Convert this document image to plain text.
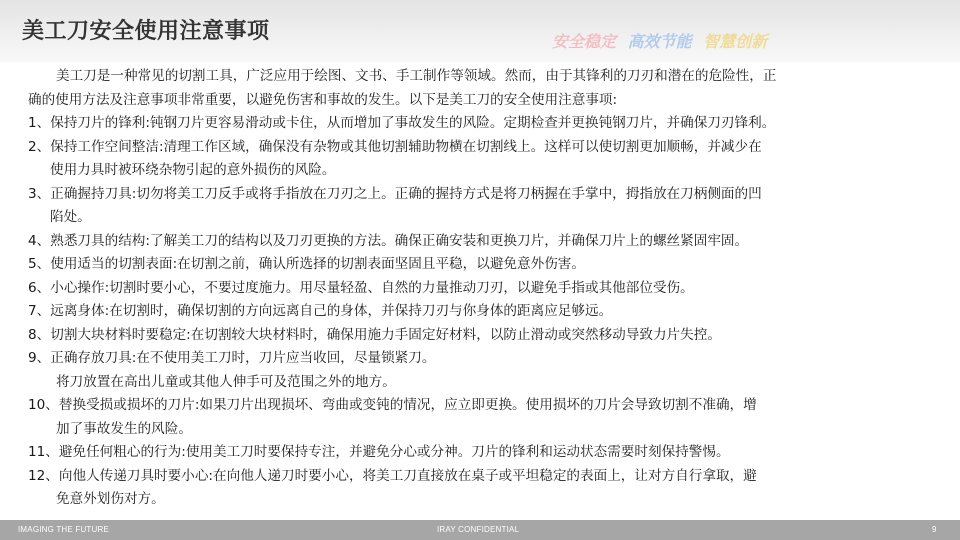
美工刀安全使用注意事项	安全稳定 高效节能 智慧创新
美工刀是一种常见的切割工具，广泛应用于绘图、文书、手工制作等领域。然而，由于其锋利的刀刃和潜在的危险性，正
确的使用方法及注意事项非常重要，以避免伤害和事故的发生。以下是美工刀的安全使用注意事项:
1、保持刀片的锋利:钝钢刀片更容易滑动或卡住，从而增加了事故发生的风险。定期检查并更换钝钢刀片，并确保刀刃锋利。
2、保持工作空间整洁:清理工作区域，确保没有杂物或其他切割辅助物横在切割线上。这样可以使切割更加顺畅，并减少在
使用力具时被环绕杂物引起的意外损伤的风险。
3、正确握持刀具:切勿将美工刀反手或将手指放在刀刃之上。正确的握持方式是将刀柄握在手掌中，拇指放在刀柄侧面的凹
陷处。
4、熟悉刀具的结构:了解美工刀的结构以及刀刃更换的方法。确保正确安装和更换刀片，并确保刀片上的螺丝紧固牢固。
5、使用适当的切割表面:在切割之前，确认所选择的切割表面坚固且平稳，以避免意外伤害。
6、小心操作:切割时要小心，不要过度施力。用尽量轻盈、自然的力量推动刀刃，以避免手指或其他部位受伤。
7、远离身体:在切割时，确保切割的方向远离自己的身体，并保持刀刃与你身体的距离应足够远。
8、切割大块材料时要稳定:在切割较大块材料时，确保用施力手固定好材料，以防止滑动或突然移动导致力片失控。
9、正确存放刀具:在不使用美工刀时，刀片应当收回，尽量锁紧刀。
将刀放置在高出儿童或其他人伸手可及范围之外的地方。
10、替换受损或损坏的刀片:如果刀片出现损坏、弯曲或变钝的情况，应立即更换。使用损坏的刀片会导致切割不准确，增
加了事故发生的风险。
11、避免任何粗心的行为:使用美工刀时要保持专注，并避免分心或分神。刀片的锋利和运动状态需要时刻保持警惕。
12、向他人传递刀具时要小心:在向他人递刀时要小心，将美工刀直接放在桌子或平坦稳定的表面上，让对方自行拿取，避
免意外划伤对方。
IMAGING THE FUTURE	IRAY CONFIDENTIAL	9
